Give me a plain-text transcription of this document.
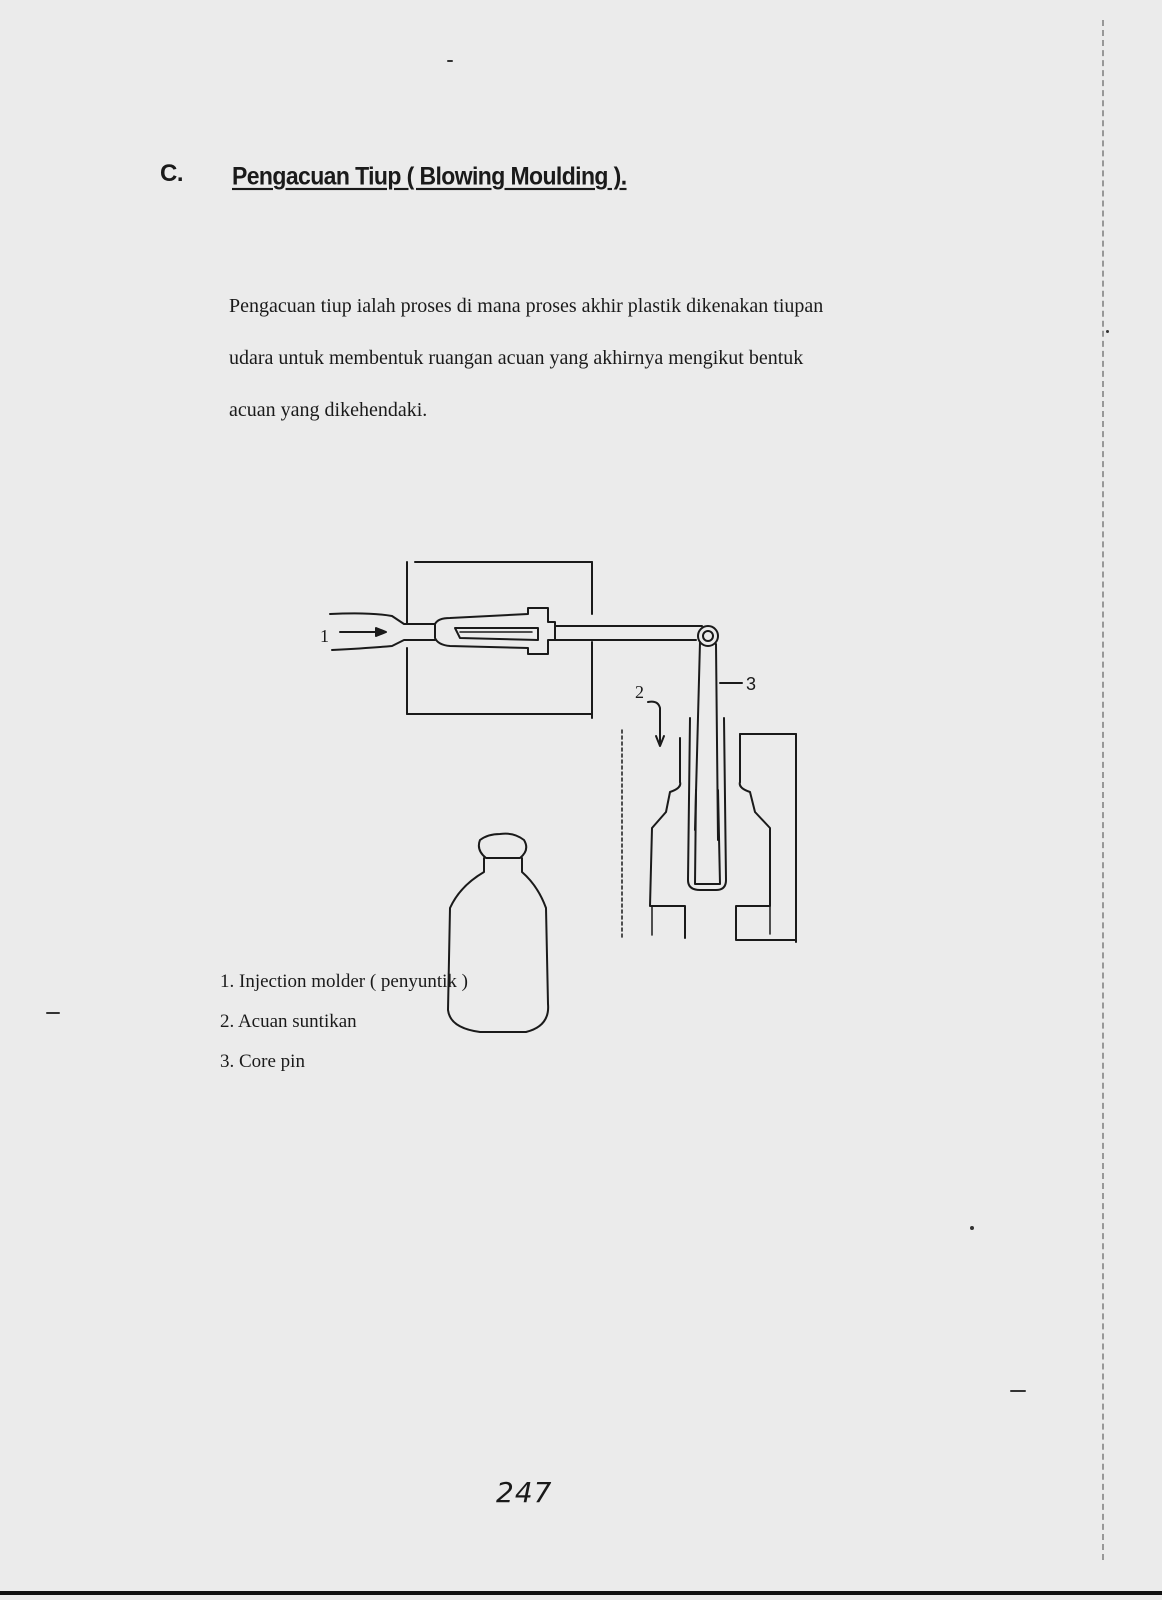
C. Pengacuan Tiup ( Blowing Moulding ).

Pengacuan tiup ialah proses di mana proses akhir plastik dikenakan tiupan

udara untuk membentuk ruangan acuan yang akhirnya mengikut bentuk

acuan yang dikehendaki.

1
2	3
1. Injection molder ( penyuntik )
2. Acuan suntikan
3. Core pin
247
